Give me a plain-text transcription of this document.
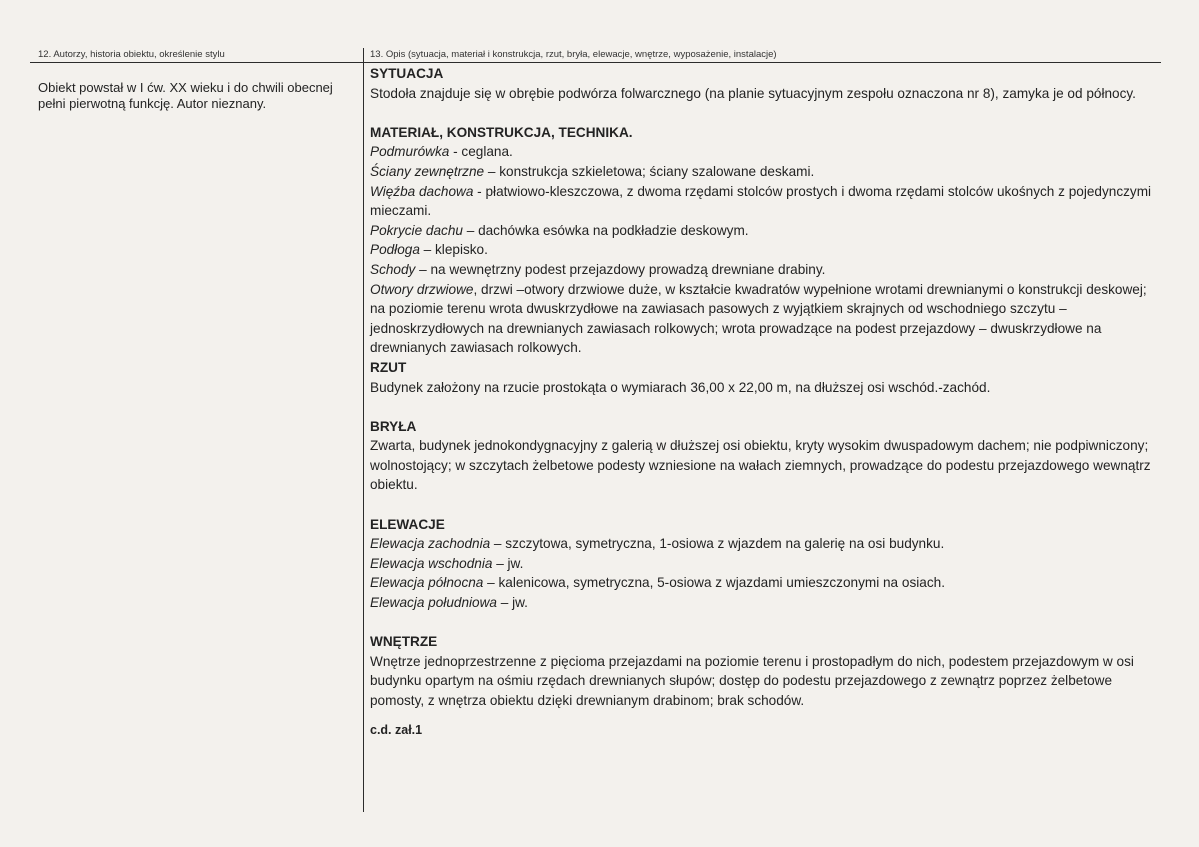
12. Autorzy, historia obiektu, określenie stylu	13. Opis (sytuacja, materiał i konstrukcja, rzut, bryła, elewacje, wnętrze, wyposażenie, instalacje)

Obiekt powstał w I ćw. XX wieku i do chwili obecnej pełni pierwotną funkcję. Autor nieznany.

SYTUACJA

Stodoła znajduje się w obrębie podwórza folwarcznego (na planie sytuacyjnym zespołu oznaczona nr 8), zamyka je od północy.

MATERIAŁ, KONSTRUKCJA, TECHNIKA.

Podmurówka - ceglana.

Ściany zewnętrzne – konstrukcja szkieletowa; ściany szalowane deskami.

Więźba dachowa - płatwiowo-kleszczowa, z dwoma rzędami stolców prostych i dwoma rzędami stolców ukośnych z pojedynczymi mieczami.

Pokrycie dachu – dachówka esówka na podkładzie deskowym.

Podłoga – klepisko.

Schody – na wewnętrzny podest przejazdowy prowadzą drewniane drabiny.

Otwory drzwiowe, drzwi –otwory drzwiowe duże, w kształcie kwadratów wypełnione wrotami drewnianymi o konstrukcji deskowej; na poziomie terenu wrota dwuskrzydłowe na zawiasach pasowych z wyjątkiem skrajnych od wschodniego szczytu – jednoskrzydłowych na drewnianych zawiasach rolkowych; wrota prowadzące na podest przejazdowy – dwuskrzydłowe na drewnianych zawiasach rolkowych.

RZUT

Budynek założony na rzucie prostokąta o wymiarach 36,00 x 22,00 m, na dłuższej osi wschód.-zachód.

BRYŁA

Zwarta, budynek jednokondygnacyjny z galerią w dłuższej osi obiektu, kryty wysokim dwuspadowym dachem; nie podpiwniczony; wolnostojący; w szczytach żelbetowe podesty wzniesione na wałach ziemnych, prowadzące do podestu przejazdowego wewnątrz obiektu.

ELEWACJE

Elewacja zachodnia – szczytowa, symetryczna, 1-osiowa z wjazdem na galerię na osi budynku.

Elewacja wschodnia – jw.

Elewacja północna – kalenicowa, symetryczna, 5-osiowa z wjazdami umieszczonymi na osiach.

Elewacja południowa – jw.

WNĘTRZE

Wnętrze jednoprzestrzenne z pięcioma przejazdami na poziomie terenu i prostopadłym do nich, podestem przejazdowym w osi budynku opartym na ośmiu rzędach drewnianych słupów; dostęp do podestu przejazdowego z zewnątrz poprzez żelbetowe pomosty, z wnętrza obiektu dzięki drewnianym drabinom; brak schodów.

c.d. zał.1
